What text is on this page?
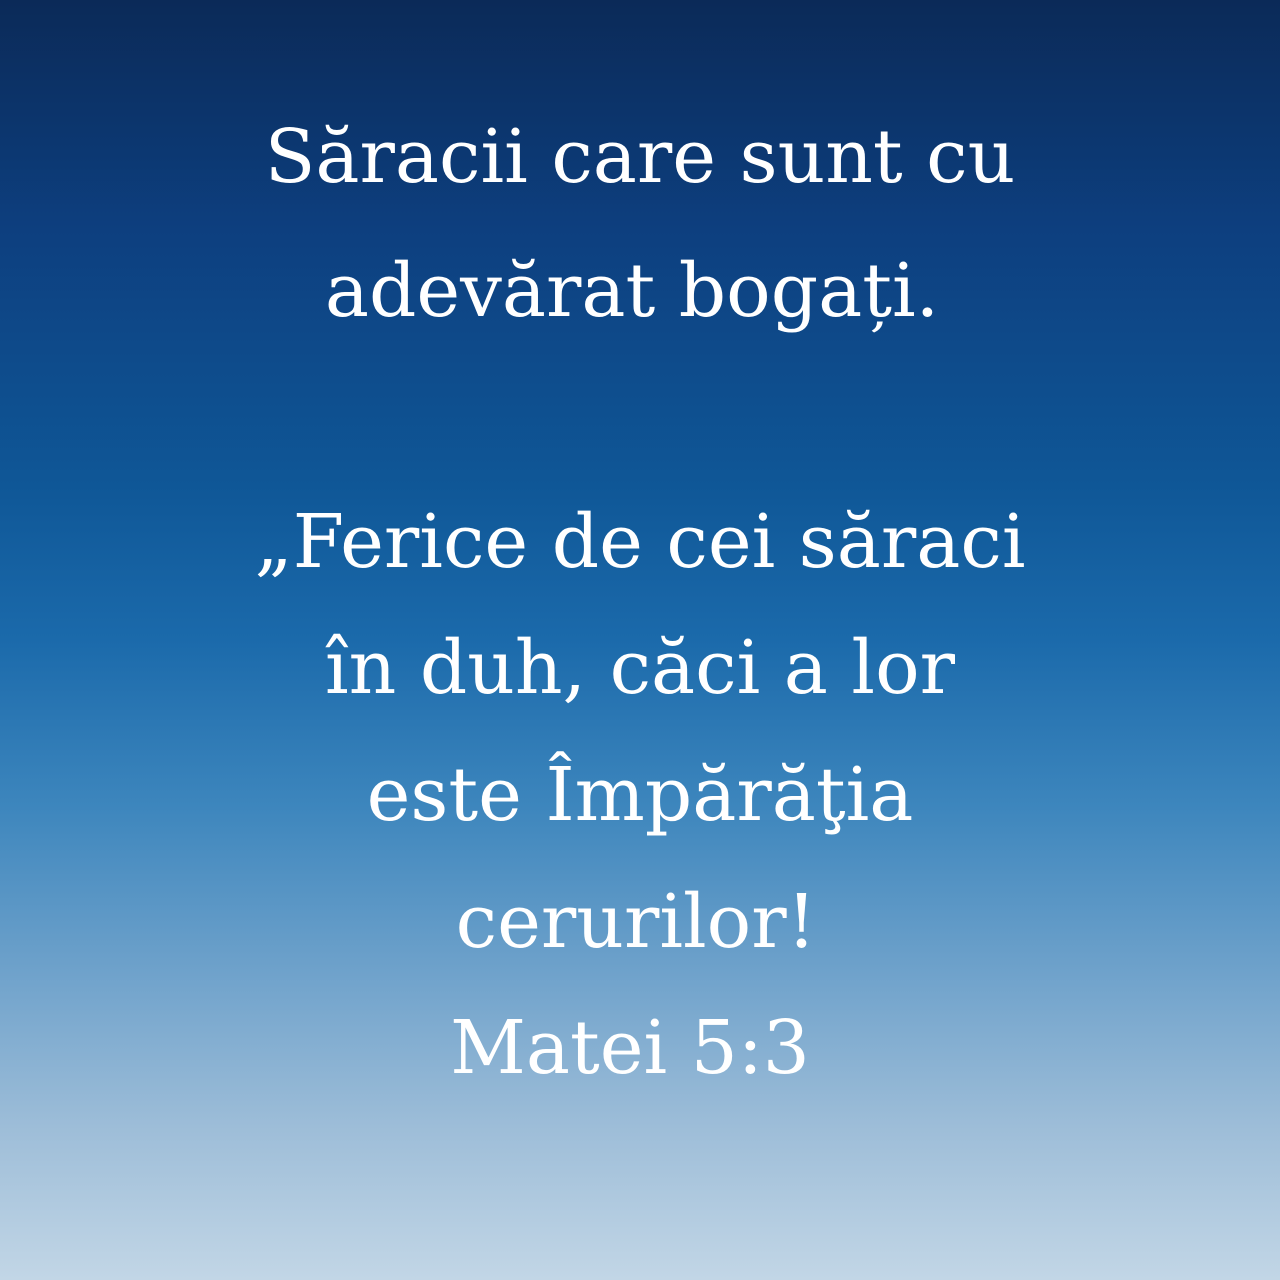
Săracii care sunt cu
adevărat bogați.
„Ferice de cei săraci
în duh, căci a lor
este Împărăţia
cerurilor!
Matei 5:3
